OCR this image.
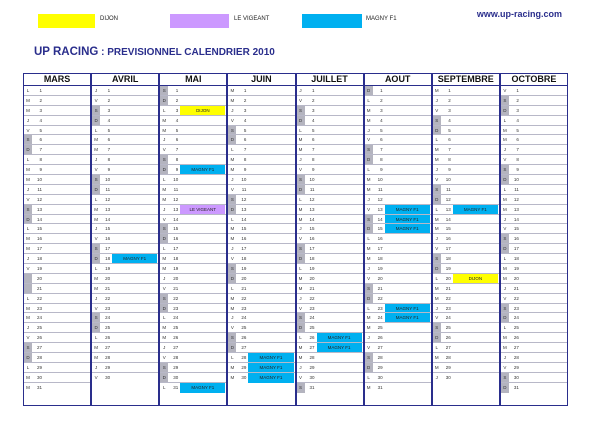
DIJON	LE VIGEANT	MAGNY F1	www.up-racing.com
UP RACING : PREVISIONNEL CALENDRIER 2010
MARS
L	1
M	2
M	3
J	4
V	5
S	6
D	7
L	8
M	9
M	10
J	11
V	12
S	13
D	14
L	15
M	16
M	17
J	18
V	19
20
21
L	22
M	23
M	24
J	25
V	26
S	27
D	28
L	29
M	30
M	31
AVRIL
J	1
V	2
S	3
D	4
L	5
M	6
M	7
J	8
V	9
S	10
D	11
L	12
M	13
M	14
J	15
V	16
S	17
D	18	MAGNY F1
L	19
M	20
M	21
J	22
V	23
S	24
D	25
L	26
M	27
M	28
J	29
V	30
MAI
S	1
D	2
L	3	DIJON
M	4
M	5
J	6
V	7
S	8
D	9	MAGNY F1
L	10
M	11
M	12
J	13	LE VIGEANT
V	14
S	15
D	16
L	17
M	18
M	19
J	20
V	21
S	22
D	23
L	24
M	25
M	26
J	27
V	28
S	29
D	30
L	31	MAGNY F1
JUIN
M	1
M	2
J	3
V	4
S	5
D	6
L	7
M	8
M	9
J	10
V	11
S	12
D	13
L	14
M	15
M	16
J	17
V	18
S	19
D	20
L	21
M	22
M	23
J	24
V	25
S	26
D	27
L	28	MAGNY F1
M	29	MAGNY F1
M	30	MAGNY F1
JUILLET
J	1
V	2
S	3
D	4
L	5
M	6
M	7
J	8
V	9
S	10
D	11
L	12
M	13
M	14
J	15
V	16
S	17
D	18
L	19
M	20
M	21
J	22
V	23
S	24
D	25
L	26	MAGNY F1
M	27	MAGNY F1
M	28
J	29
V	30
S	31
AOUT
D	1
L	2
M	3
M	4
J	5
V	6
S	7
D	8
L	9
M	10
M	11
J	12
V	13	MAGNY F1
S	14	MAGNY F1
D	15	MAGNY F1
L	16
M	17
M	18
J	19
V	20
S	21
D	22
L	23	MAGNY F1
M	24	MAGNY F1
M	25
J	26
V	27
S	28
D	29
L	30
M	31
SEPTEMBRE
M	1
J	2
V	3
S	4
D	5
L	6
M	7
M	8
J	9
V	10
S	11
D	12
L	13	MAGNY F1
M	14
M	15
J	16
V	17
S	18
D	19
L	20	DIJON
M	21
M	22
J	23
V	24
S	25
D	26
L	27
M	28
M	29
J	30
OCTOBRE
V	1
S	2
D	3
L	4
M	5
M	6
J	7
V	8
S	9
D	10
L	11
M	12
M	13
J	14
V	15
S	16
D	17
L	18
M	19
M	20
J	21
V	22
S	23
D	24
L	25
M	26
M	27
J	28
V	29
S	30
D	31
